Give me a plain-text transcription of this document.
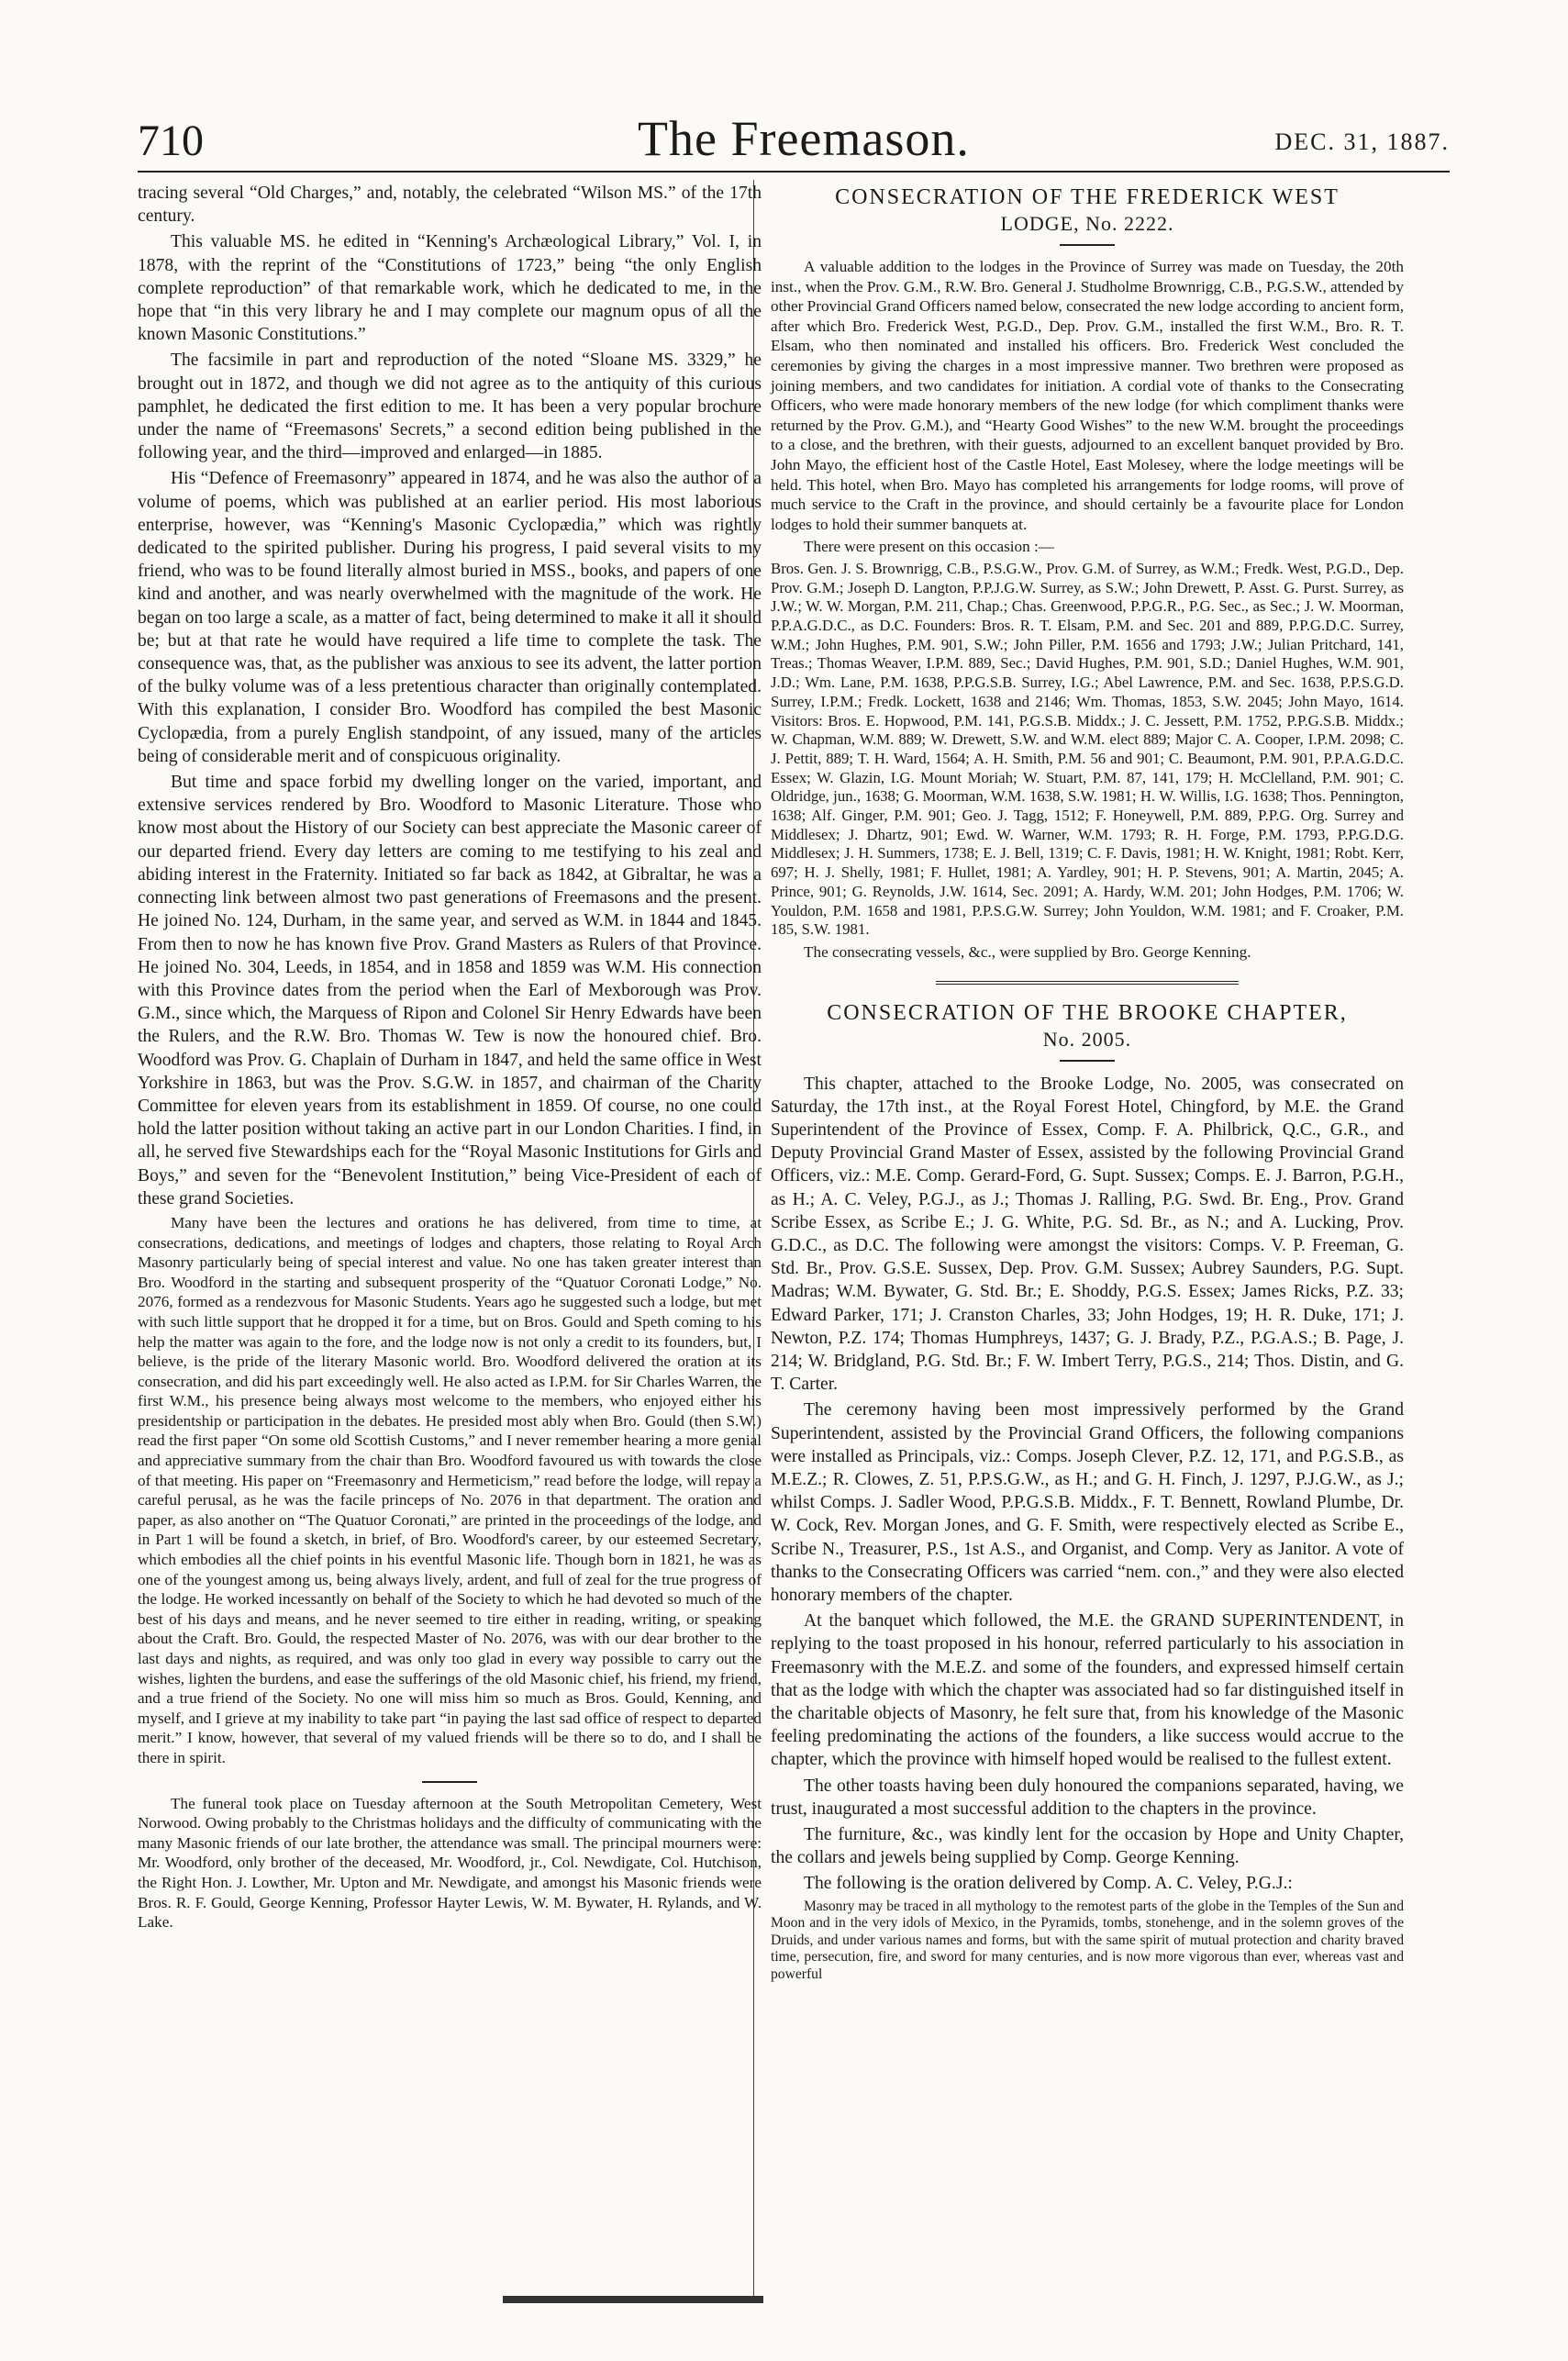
710	The Freemason.	DEC. 31, 1887.

tracing several “Old Charges,” and, notably, the celebrated “Wilson MS.” of the 17th century.

This valuable MS. he edited in “Kenning's Archæological Library,” Vol. I, in 1878, with the reprint of the “Constitutions of 1723,” being “the only English complete reproduction” of that remarkable work, which he dedicated to me, in the hope that “in this very library he and I may complete our magnum opus of all the known Masonic Constitutions.”

The facsimile in part and reproduction of the noted “Sloane MS. 3329,” he brought out in 1872, and though we did not agree as to the antiquity of this curious pamphlet, he dedicated the first edition to me. It has been a very popular brochure under the name of “Freemasons' Secrets,” a second edition being published in the following year, and the third—improved and enlarged—in 1885.

His “Defence of Freemasonry” appeared in 1874, and he was also the author of a volume of poems, which was published at an earlier period. His most laborious enterprise, however, was “Kenning's Masonic Cyclopædia,” which was rightly dedicated to the spirited publisher. During his progress, I paid several visits to my friend, who was to be found literally almost buried in MSS., books, and papers of one kind and another, and was nearly overwhelmed with the magnitude of the work. He began on too large a scale, as a matter of fact, being determined to make it all it should be; but at that rate he would have required a life time to complete the task. The consequence was, that, as the publisher was anxious to see its advent, the latter portion of the bulky volume was of a less pretentious character than originally contemplated. With this explanation, I consider Bro. Woodford has compiled the best Masonic Cyclopædia, from a purely English standpoint, of any issued, many of the articles being of considerable merit and of conspicuous originality.

But time and space forbid my dwelling longer on the varied, important, and extensive services rendered by Bro. Woodford to Masonic Literature. Those who know most about the History of our Society can best appreciate the Masonic career of our departed friend. Every day letters are coming to me testifying to his zeal and abiding interest in the Fraternity. Initiated so far back as 1842, at Gibraltar, he was a connecting link between almost two past generations of Freemasons and the present. He joined No. 124, Durham, in the same year, and served as W.M. in 1844 and 1845. From then to now he has known five Prov. Grand Masters as Rulers of that Province. He joined No. 304, Leeds, in 1854, and in 1858 and 1859 was W.M. His connection with this Province dates from the period when the Earl of Mexborough was Prov. G.M., since which, the Marquess of Ripon and Colonel Sir Henry Edwards have been the Rulers, and the R.W. Bro. Thomas W. Tew is now the honoured chief. Bro. Woodford was Prov. G. Chaplain of Durham in 1847, and held the same office in West Yorkshire in 1863, but was the Prov. S.G.W. in 1857, and chairman of the Charity Committee for eleven years from its establishment in 1859. Of course, no one could hold the latter position without taking an active part in our London Charities. I find, in all, he served five Stewardships each for the “Royal Masonic Institutions for Girls and Boys,” and seven for the “Benevolent Institution,” being Vice-President of each of these grand Societies.

Many have been the lectures and orations he has delivered, from time to time, at consecrations, dedications, and meetings of lodges and chapters, those relating to Royal Arch Masonry particularly being of special interest and value. No one has taken greater interest than Bro. Woodford in the starting and subsequent prosperity of the “Quatuor Coronati Lodge,” No. 2076, formed as a rendezvous for Masonic Students. Years ago he suggested such a lodge, but met with such little support that he dropped it for a time, but on Bros. Gould and Speth coming to his help the matter was again to the fore, and the lodge now is not only a credit to its founders, but, I believe, is the pride of the literary Masonic world. Bro. Woodford delivered the oration at its consecration, and did his part exceedingly well. He also acted as I.P.M. for Sir Charles Warren, the first W.M., his presence being always most welcome to the members, who enjoyed either his presidentship or participation in the debates. He presided most ably when Bro. Gould (then S.W.) read the first paper “On some old Scottish Customs,” and I never remember hearing a more genial and appreciative summary from the chair than Bro. Woodford favoured us with towards the close of that meeting. His paper on “Freemasonry and Hermeticism,” read before the lodge, will repay a careful perusal, as he was the facile princeps of No. 2076 in that department. The oration and paper, as also another on “The Quatuor Coronati,” are printed in the proceedings of the lodge, and in Part 1 will be found a sketch, in brief, of Bro. Woodford's career, by our esteemed Secretary, which embodies all the chief points in his eventful Masonic life. Though born in 1821, he was as one of the youngest among us, being always lively, ardent, and full of zeal for the true progress of the lodge. He worked incessantly on behalf of the Society to which he had devoted so much of the best of his days and means, and he never seemed to tire either in reading, writing, or speaking about the Craft. Bro. Gould, the respected Master of No. 2076, was with our dear brother to the last days and nights, as required, and was only too glad in every way possible to carry out the wishes, lighten the burdens, and ease the sufferings of the old Masonic chief, his friend, my friend, and a true friend of the Society. No one will miss him so much as Bros. Gould, Kenning, and myself, and I grieve at my inability to take part “in paying the last sad office of respect to departed merit.” I know, however, that several of my valued friends will be there so to do, and I shall be there in spirit.

The funeral took place on Tuesday afternoon at the South Metropolitan Cemetery, West Norwood. Owing probably to the Christmas holidays and the difficulty of communicating with the many Masonic friends of our late brother, the attendance was small. The principal mourners were: Mr. Woodford, only brother of the deceased, Mr. Woodford, jr., Col. Newdigate, Col. Hutchison, the Right Hon. J. Lowther, Mr. Upton and Mr. Newdigate, and amongst his Masonic friends were Bros. R. F. Gould, George Kenning, Professor Hayter Lewis, W. M. Bywater, H. Rylands, and W. Lake.

CONSECRATION OF THE FREDERICK WEST
LODGE, No. 2222.

A valuable addition to the lodges in the Province of Surrey was made on Tuesday, the 20th inst., when the Prov. G.M., R.W. Bro. General J. Studholme Brownrigg, C.B., P.G.S.W., attended by other Provincial Grand Officers named below, consecrated the new lodge according to ancient form, after which Bro. Frederick West, P.G.D., Dep. Prov. G.M., installed the first W.M., Bro. R. T. Elsam, who then nominated and installed his officers. Bro. Frederick West concluded the ceremonies by giving the charges in a most impressive manner. Two brethren were proposed as joining members, and two candidates for initiation. A cordial vote of thanks to the Consecrating Officers, who were made honorary members of the new lodge (for which compliment thanks were returned by the Prov. G.M.), and “Hearty Good Wishes” to the new W.M. brought the proceedings to a close, and the brethren, with their guests, adjourned to an excellent banquet provided by Bro. John Mayo, the efficient host of the Castle Hotel, East Molesey, where the lodge meetings will be held. This hotel, when Bro. Mayo has completed his arrangements for lodge rooms, will prove of much service to the Craft in the province, and should certainly be a favourite place for London lodges to hold their summer banquets at.

There were present on this occasion :—

Bros. Gen. J. S. Brownrigg, C.B., P.S.G.W., Prov. G.M. of Surrey, as W.M.; Fredk. West, P.G.D., Dep. Prov. G.M.; Joseph D. Langton, P.P.J.G.W. Surrey, as S.W.; John Drewett, P. Asst. G. Purst. Surrey, as J.W.; W. W. Morgan, P.M. 211, Chap.; Chas. Greenwood, P.P.G.R., P.G. Sec., as Sec.; J. W. Moorman, P.P.A.G.D.C., as D.C. Founders: Bros. R. T. Elsam, P.M. and Sec. 201 and 889, P.P.G.D.C. Surrey, W.M.; John Hughes, P.M. 901, S.W.; John Piller, P.M. 1656 and 1793; J.W.; Julian Pritchard, 141, Treas.; Thomas Weaver, I.P.M. 889, Sec.; David Hughes, P.M. 901, S.D.; Daniel Hughes, W.M. 901, J.D.; Wm. Lane, P.M. 1638, P.P.G.S.B. Surrey, I.G.; Abel Lawrence, P.M. and Sec. 1638, P.P.S.G.D. Surrey, I.P.M.; Fredk. Lockett, 1638 and 2146; Wm. Thomas, 1853, S.W. 2045; John Mayo, 1614. Visitors: Bros. E. Hopwood, P.M. 141, P.G.S.B. Middx.; J. C. Jessett, P.M. 1752, P.P.G.S.B. Middx.; W. Chapman, W.M. 889; W. Drewett, S.W. and W.M. elect 889; Major C. A. Cooper, I.P.M. 2098; C. J. Pettit, 889; T. H. Ward, 1564; A. H. Smith, P.M. 56 and 901; C. Beaumont, P.M. 901, P.P.A.G.D.C. Essex; W. Glazin, I.G. Mount Moriah; W. Stuart, P.M. 87, 141, 179; H. McClelland, P.M. 901; C. Oldridge, jun., 1638; G. Moorman, W.M. 1638, S.W. 1981; H. W. Willis, I.G. 1638; Thos. Pennington, 1638; Alf. Ginger, P.M. 901; Geo. J. Tagg, 1512; F. Honeywell, P.M. 889, P.P.G. Org. Surrey and Middlesex; J. Dhartz, 901; Ewd. W. Warner, W.M. 1793; R. H. Forge, P.M. 1793, P.P.G.D.G. Middlesex; J. H. Summers, 1738; E. J. Bell, 1319; C. F. Davis, 1981; H. W. Knight, 1981; Robt. Kerr, 697; H. J. Shelly, 1981; F. Hullet, 1981; A. Yardley, 901; H. P. Stevens, 901; A. Martin, 2045; A. Prince, 901; G. Reynolds, J.W. 1614, Sec. 2091; A. Hardy, W.M. 201; John Hodges, P.M. 1706; W. Youldon, P.M. 1658 and 1981, P.P.S.G.W. Surrey; John Youldon, W.M. 1981; and F. Croaker, P.M. 185, S.W. 1981.

The consecrating vessels, &c., were supplied by Bro. George Kenning.

CONSECRATION OF THE BROOKE CHAPTER,
No. 2005.

This chapter, attached to the Brooke Lodge, No. 2005, was consecrated on Saturday, the 17th inst., at the Royal Forest Hotel, Chingford, by M.E. the Grand Superintendent of the Province of Essex, Comp. F. A. Philbrick, Q.C., G.R., and Deputy Provincial Grand Master of Essex, assisted by the following Provincial Grand Officers, viz.: M.E. Comp. Gerard-Ford, G. Supt. Sussex; Comps. E. J. Barron, P.G.H., as H.; A. C. Veley, P.G.J., as J.; Thomas J. Ralling, P.G. Swd. Br. Eng., Prov. Grand Scribe Essex, as Scribe E.; J. G. White, P.G. Sd. Br., as N.; and A. Lucking, Prov. G.D.C., as D.C. The following were amongst the visitors: Comps. V. P. Freeman, G. Std. Br., Prov. G.S.E. Sussex, Dep. Prov. G.M. Sussex; Aubrey Saunders, P.G. Supt. Madras; W.M. Bywater, G. Std. Br.; E. Shoddy, P.G.S. Essex; James Ricks, P.Z. 33; Edward Parker, 171; J. Cranston Charles, 33; John Hodges, 19; H. R. Duke, 171; J. Newton, P.Z. 174; Thomas Humphreys, 1437; G. J. Brady, P.Z., P.G.A.S.; B. Page, J. 214; W. Bridgland, P.G. Std. Br.; F. W. Imbert Terry, P.G.S., 214; Thos. Distin, and G. T. Carter.

The ceremony having been most impressively performed by the Grand Superintendent, assisted by the Provincial Grand Officers, the following companions were installed as Principals, viz.: Comps. Joseph Clever, P.Z. 12, 171, and P.G.S.B., as M.E.Z.; R. Clowes, Z. 51, P.P.S.G.W., as H.; and G. H. Finch, J. 1297, P.J.G.W., as J.; whilst Comps. J. Sadler Wood, P.P.G.S.B. Middx., F. T. Bennett, Rowland Plumbe, Dr. W. Cock, Rev. Morgan Jones, and G. F. Smith, were respectively elected as Scribe E., Scribe N., Treasurer, P.S., 1st A.S., and Organist, and Comp. Very as Janitor. A vote of thanks to the Consecrating Officers was carried “nem. con.,” and they were also elected honorary members of the chapter.

At the banquet which followed, the M.E. the GRAND SUPERINTENDENT, in replying to the toast proposed in his honour, referred particularly to his association in Freemasonry with the M.E.Z. and some of the founders, and expressed himself certain that as the lodge with which the chapter was associated had so far distinguished itself in the charitable objects of Masonry, he felt sure that, from his knowledge of the Masonic feeling predominating the actions of the founders, a like success would accrue to the chapter, which the province with himself hoped would be realised to the fullest extent.

The other toasts having been duly honoured the companions separated, having, we trust, inaugurated a most successful addition to the chapters in the province.

The furniture, &c., was kindly lent for the occasion by Hope and Unity Chapter, the collars and jewels being supplied by Comp. George Kenning.

The following is the oration delivered by Comp. A. C. Veley, P.G.J.:

Masonry may be traced in all mythology to the remotest parts of the globe in the Temples of the Sun and Moon and in the very idols of Mexico, in the Pyramids, tombs, stonehenge, and in the solemn groves of the Druids, and under various names and forms, but with the same spirit of mutual protection and charity braved time, persecution, fire, and sword for many centuries, and is now more vigorous than ever, whereas vast and powerful
